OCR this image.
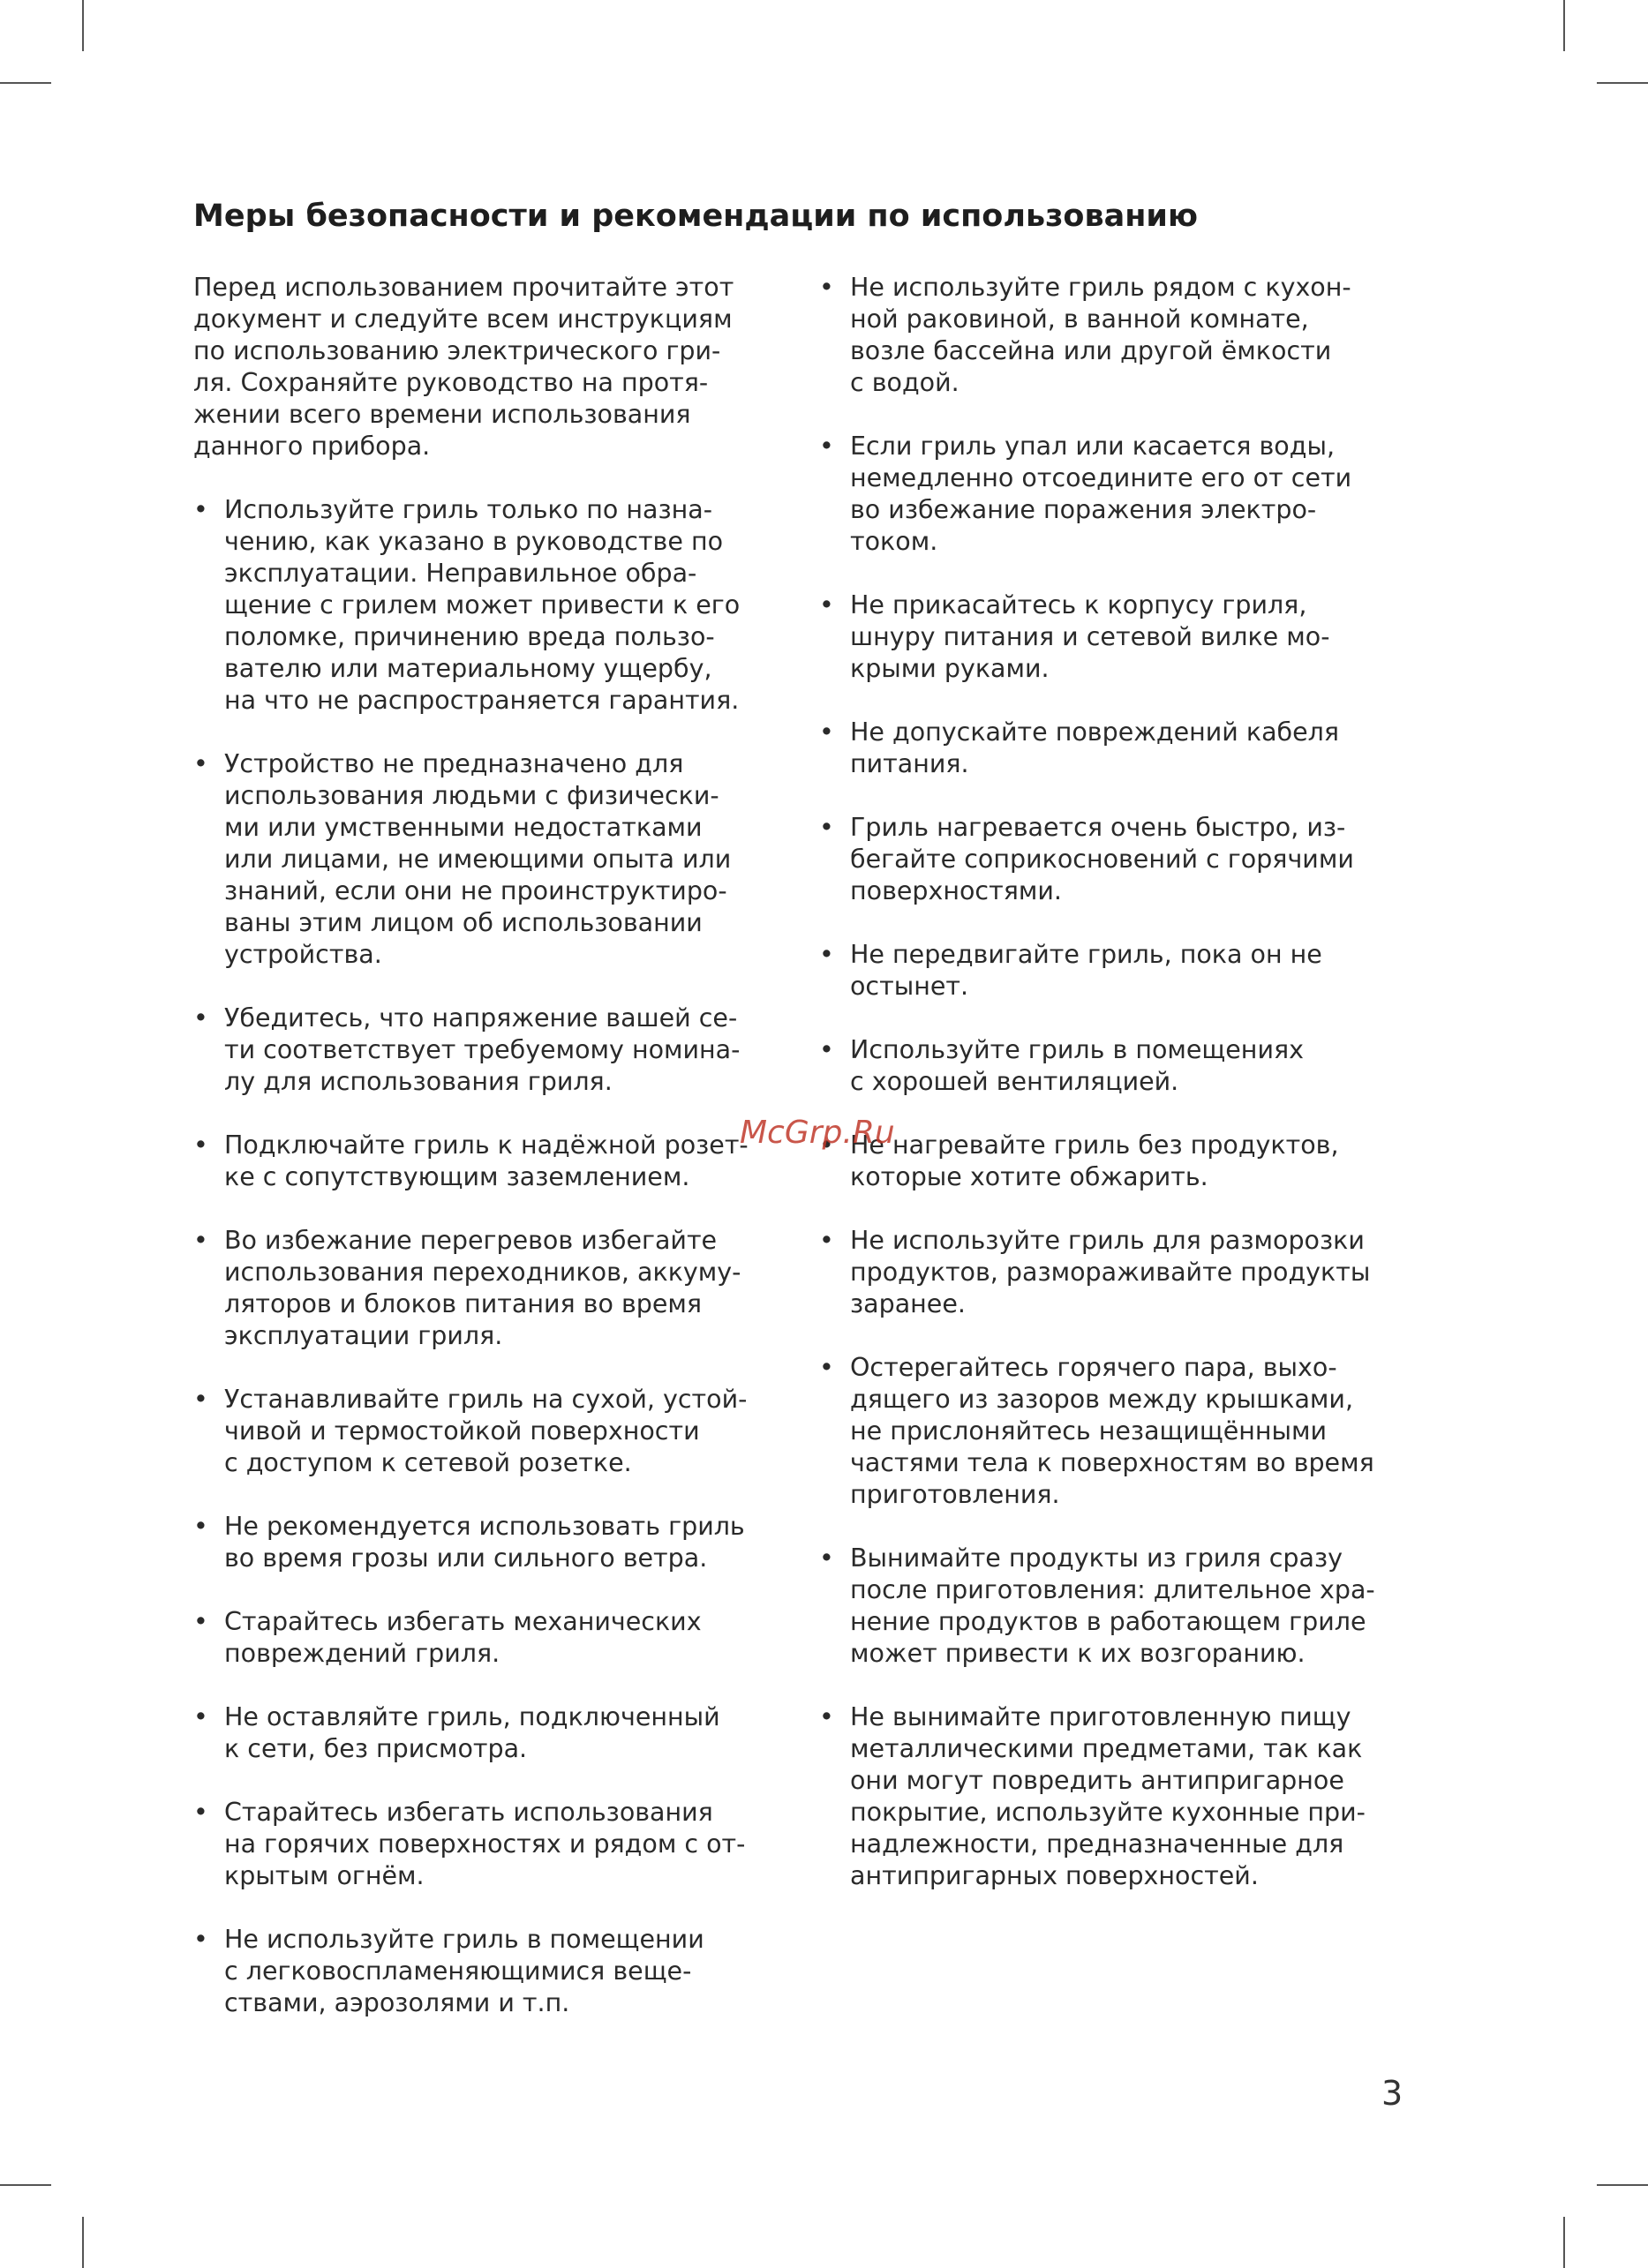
Меры безопасности и рекомендации по использованию

Перед использованием прочитайте этот
документ и следуйте всем инструкциям
по использованию электрического гри-
ля. Сохраняйте руководство на протя-
жении всего времени использования
данного прибора.

• Используйте гриль только по назна-
чению, как указано в руководстве по
эксплуатации. Неправильное обра-
щение с грилем может привести к его
поломке, причинению вреда пользо-
вателю или материальному ущербу,
на что не распространяется гарантия.
• Устройство не предназначено для
использования людьми с физически-
ми или умственными недостатками
или лицами, не имеющими опыта или
знаний, если они не проинструктиро-
ваны этим лицом об использовании
устройства.
• Убедитесь, что напряжение вашей се-
ти соответствует требуемому номина-
лу для использования гриля.
• Подключайте гриль к надёжной розет-
ке с сопутствующим заземлением.
• Во избежание перегревов избегайте
использования переходников, аккуму-
ляторов и блоков питания во время
эксплуатации гриля.
• Устанавливайте гриль на сухой, устой-
чивой и термостойкой поверхности
с доступом к сетевой розетке.
• Не рекомендуется использовать гриль
во время грозы или сильного ветра.
• Старайтесь избегать механических
повреждений гриля.
• Не оставляйте гриль, подключенный
к сети, без присмотра.
• Старайтесь избегать использования
на горячих поверхностях и рядом с от-
крытым огнём.
• Не используйте гриль в помещении
с легковоспламеняющимися веще-
ствами, аэрозолями и т.п.
• Не используйте гриль рядом с кухон-
ной раковиной, в ванной комнате,
возле бассейна или другой ёмкости
с водой.
• Если гриль упал или касается воды,
немедленно отсоедините его от сети
во избежание поражения электро-
током.
• Не прикасайтесь к корпусу гриля,
шнуру питания и сетевой вилке мо-
крыми руками.
• Не допускайте повреждений кабеля
питания.
• Гриль нагревается очень быстро, из-
бегайте соприкосновений с горячими
поверхностями.
• Не передвигайте гриль, пока он не
остынет.
• Используйте гриль в помещениях
с хорошей вентиляцией.
• Не нагревайте гриль без продуктов,
которые хотите обжарить.
• Не используйте гриль для разморозки
продуктов, размораживайте продукты
заранее.
• Остерегайтесь горячего пара, выхо-
дящего из зазоров между крышками,
не прислоняйтесь незащищёнными
частями тела к поверхностям во время
приготовления.
• Вынимайте продукты из гриля сразу
после приготовления: длительное хра-
нение продуктов в работающем гриле
может привести к их возгоранию.
• Не вынимайте приготовленную пищу
металлическими предметами, так как
они могут повредить антипригарное
покрытие, используйте кухонные при-
надлежности, предназначенные для
антипригарных поверхностей.
McGrp.Ru
3
